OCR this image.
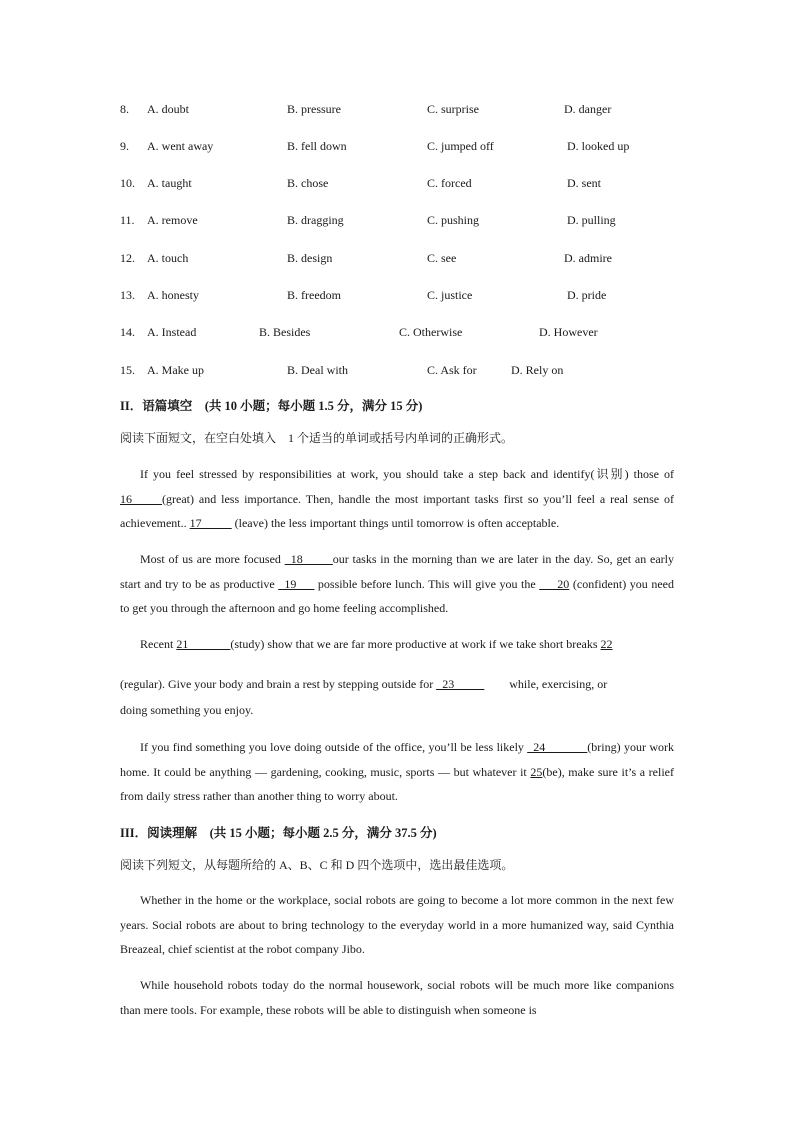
8. A. doubt	B. pressure	C. surprise	D. danger
9. A. went away	B. fell down	C. jumped off	D. looked up
10. A. taught	B. chose	C. forced	D. sent
11. A. remove	B. dragging	C. pushing	D. pulling
12. A. touch	B. design	C. see	D. admire
13. A. honesty	B. freedom	C. justice	D. pride
14. A. Instead	B. Besides	C. Otherwise	D. However
15. A. Make up	B. Deal with	C. Ask for	D. Rely on
II．语篇填空　(共 10 小题；每小题 1.5 分，满分 15 分)
阅读下面短文，在空白处填入　1 个适当的单词或括号内单词的正确形式。
If you feel stressed by responsibilities at work, you should take a step back and identify(识别) those of 16_____(great) and less importance. Then, handle the most important tasks first so you’ll feel a real sense of achievement.. 17_____ (leave) the less important things until tomorrow is often acceptable.
Most of us are more focused _18_____our tasks in the morning than we are later in the day. So, get an early start and try to be as productive _19___ possible before lunch. This will give you the ___20 (confident) you need to get you through the afternoon and go home feeling accomplished.
Recent 21_______(study) show that we are far more productive at work if we take short breaks 22
(regular). Give your body and brain a rest by stepping outside for _23_____ while, exercising, or
doing something you enjoy.
If you find something you love doing outside of the office, you’ll be less likely _24_______(bring) your work home. It could be anything — gardening, cooking, music, sports — but whatever it 25(be), make sure it’s a relief from daily stress rather than another thing to worry about.
III．阅读理解　(共 15 小题；每小题 2.5 分，满分 37.5 分)
阅读下列短文，从每题所给的 A、B、C 和 D 四个选项中，选出最佳选项。
Whether in the home or the workplace, social robots are going to become a lot more common in the next few years. Social robots are about to bring technology to the everyday world in a more humanized way, said Cynthia Breazeal, chief scientist at the robot company Jibo.
While household robots today do the normal housework, social robots will be much more like companions than mere tools. For example, these robots will be able to distinguish when someone is
